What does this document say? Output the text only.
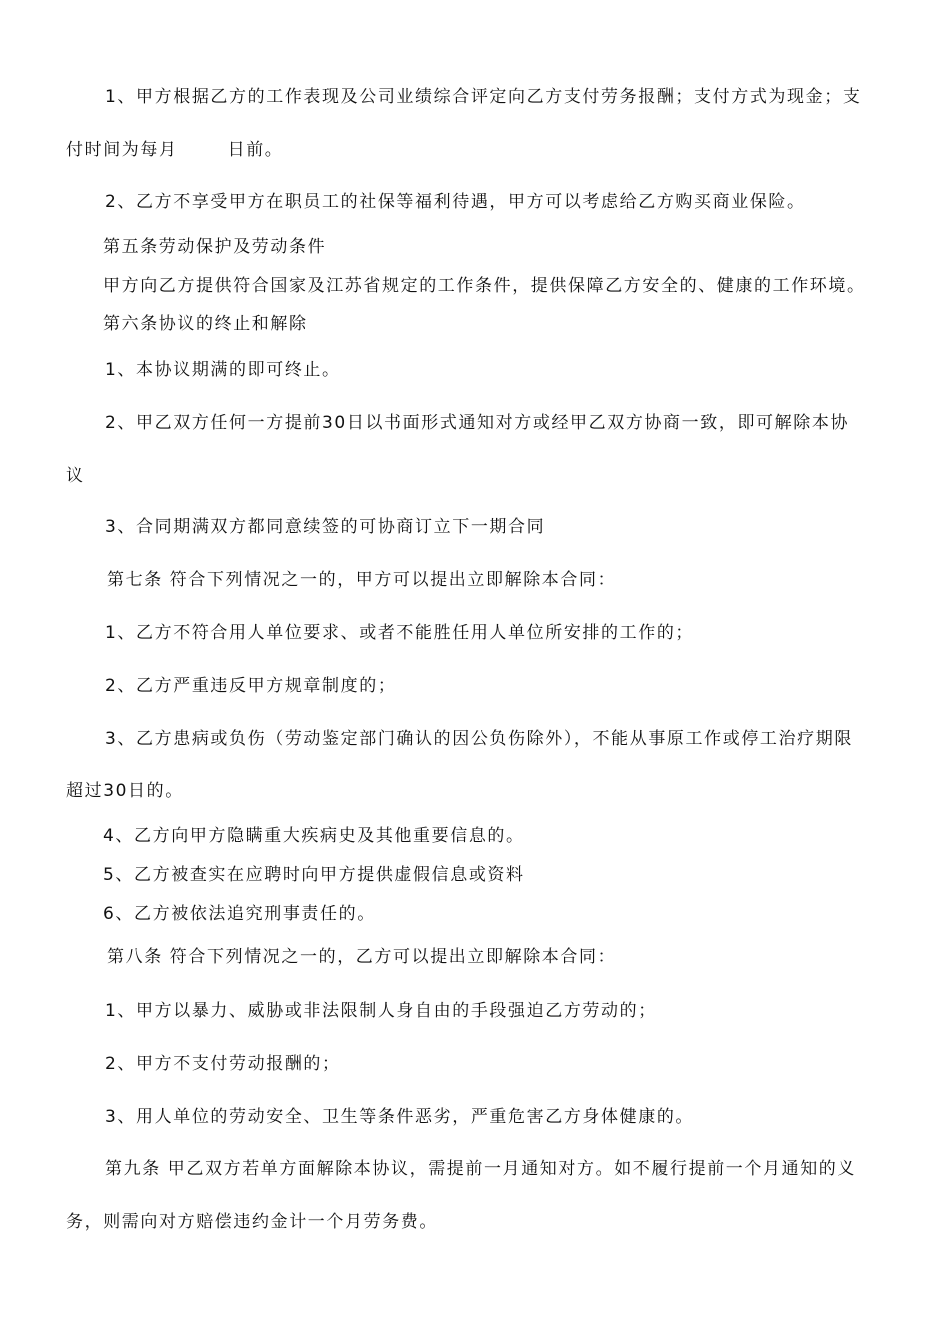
1、甲方根据乙方的工作表现及公司业绩综合评定向乙方支付劳务报酬；支付方式为现金；支
付时间为每月	日前。
2、乙方不享受甲方在职员工的社保等福利待遇，甲方可以考虑给乙方购买商业保险。
第五条劳动保护及劳动条件
甲方向乙方提供符合国家及江苏省规定的工作条件，提供保障乙方安全的、健康的工作环境。
第六条协议的终止和解除
1、本协议期满的即可终止。
2、甲乙双方任何一方提前30日以书面形式通知对方或经甲乙双方协商一致，即可解除本协
议
3、合同期满双方都同意续签的可协商订立下一期合同
第七条 符合下列情况之一的，甲方可以提出立即解除本合同：
1、乙方不符合用人单位要求、或者不能胜任用人单位所安排的工作的；
2、乙方严重违反甲方规章制度的；
3、乙方患病或负伤（劳动鉴定部门确认的因公负伤除外），不能从事原工作或停工治疗期限
超过30日的。
4、乙方向甲方隐瞒重大疾病史及其他重要信息的。
5、乙方被查实在应聘时向甲方提供虚假信息或资料
6、乙方被依法追究刑事责任的。
第八条 符合下列情况之一的，乙方可以提出立即解除本合同：
1、甲方以暴力、威胁或非法限制人身自由的手段强迫乙方劳动的；
2、甲方不支付劳动报酬的；
3、用人单位的劳动安全、卫生等条件恶劣，严重危害乙方身体健康的。
第九条 甲乙双方若单方面解除本协议，需提前一月通知对方。如不履行提前一个月通知的义
务，则需向对方赔偿违约金计一个月劳务费。
